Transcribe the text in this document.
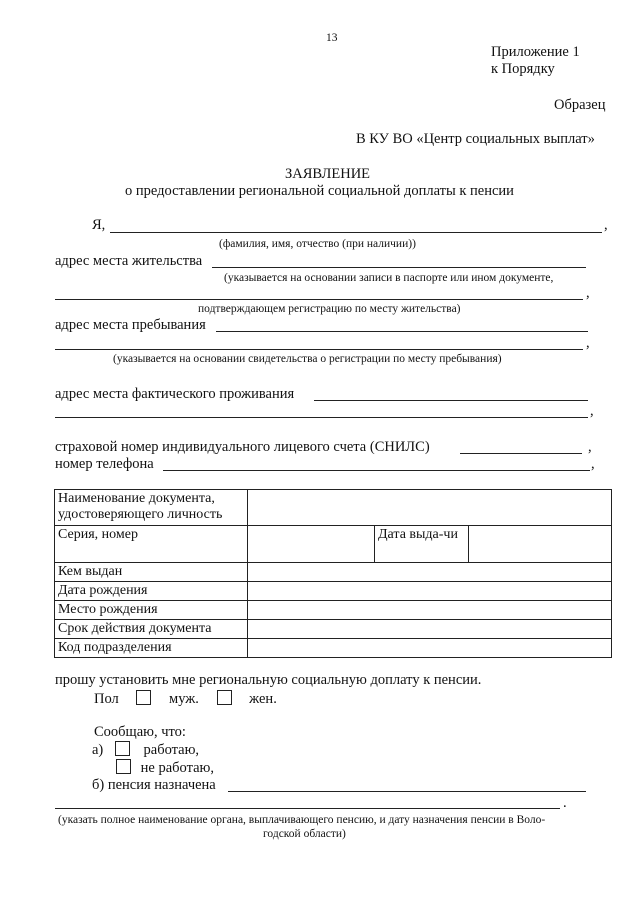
13
Приложение 1
к Порядку
Образец
В КУ ВО «Центр социальных выплат»
ЗАЯВЛЕНИЕ
о предоставлении региональной социальной доплаты к пенсии
Я,	,
(фамилия, имя, отчество (при наличии))
адрес места жительства
(указывается на основании записи в паспорте или ином документе,
,
подтверждающем регистрацию по месту жительства)
адрес места пребывания
,
(указывается на основании свидетельства о регистрации по месту пребывания)
адрес места фактического проживания
,
страховой номер индивидуального лицевого счета (СНИЛС)	,
номер телефона	,
Наименование документа, удостоверяющего личность			
Серия, номер		Дата выда-чи	
Кем выдан			
Дата рождения			
Место рождения			
Срок действия документа			
Код подразделения			
прошу установить мне региональную социальную доплату к пенсии.
Пол	муж.	жен.
Сообщаю, что:
а)	работаю,
не работаю,
б) пенсия назначена
.
(указать полное наименование органа, выплачивающего пенсию, и дату назначения пенсии в Воло-
годской области)
